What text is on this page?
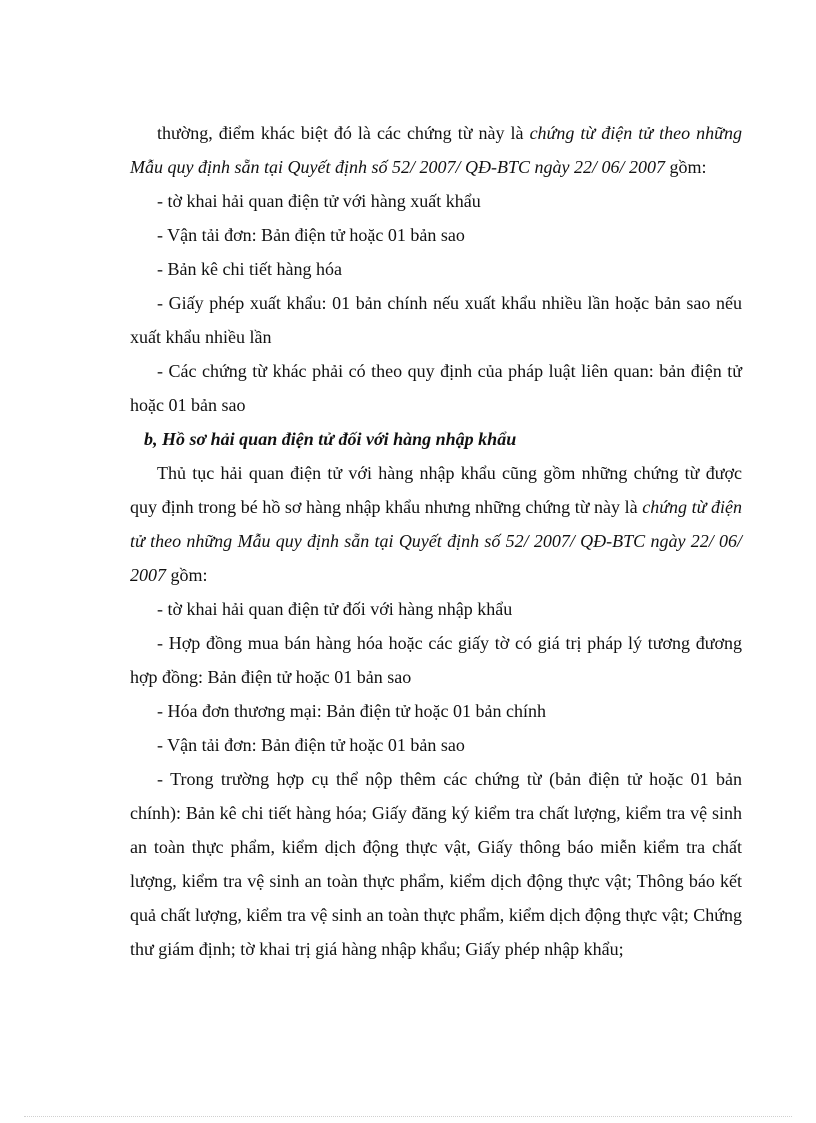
thường, điểm khác biệt đó là các chứng từ này là chứng từ điện tử theo những Mẫu quy định sẵn tại Quyết định số 52/ 2007/ QĐ-BTC ngày 22/ 06/ 2007 gồm:

- tờ khai hải quan điện tử với hàng xuất khẩu

- Vận tải đơn: Bản điện tử hoặc 01 bản sao

- Bản kê chi tiết hàng hóa

- Giấy phép xuất khẩu: 01 bản chính nếu xuất khẩu nhiều lần hoặc bản sao nếu xuất khẩu nhiều lần

- Các chứng từ khác phải có theo quy định của pháp luật liên quan: bản điện tử hoặc 01 bản sao

b, Hồ sơ hải quan điện tử đối với hàng nhập khẩu

Thủ tục hải quan điện tử với hàng nhập khẩu cũng gồm những chứng từ được quy định trong bé hồ sơ hàng nhập khẩu nhưng những chứng từ này là chứng từ điện tử theo những Mẫu quy định sẵn tại Quyết định số 52/ 2007/ QĐ-BTC ngày 22/ 06/ 2007 gồm:

- tờ khai hải quan điện tử đối với hàng nhập khẩu

- Hợp đồng mua bán hàng hóa hoặc các giấy tờ có giá trị pháp lý tương đương hợp đồng: Bản điện tử hoặc 01 bản sao

- Hóa đơn thương mại: Bản điện tử hoặc 01 bản chính

- Vận tải đơn: Bản điện tử hoặc 01 bản sao

- Trong trường hợp cụ thể nộp thêm các chứng từ (bản điện tử hoặc 01 bản chính): Bản kê chi tiết hàng hóa; Giấy đăng ký kiểm tra chất lượng, kiểm tra vệ sinh an toàn thực phẩm, kiểm dịch động thực vật, Giấy thông báo miễn kiểm tra chất lượng, kiểm tra vệ sinh an toàn thực phẩm, kiểm dịch động thực vật; Thông báo kết quả chất lượng, kiểm tra vệ sinh an toàn thực phẩm, kiểm dịch động thực vật; Chứng thư giám định; tờ khai trị giá hàng nhập khẩu; Giấy phép nhập khẩu;
